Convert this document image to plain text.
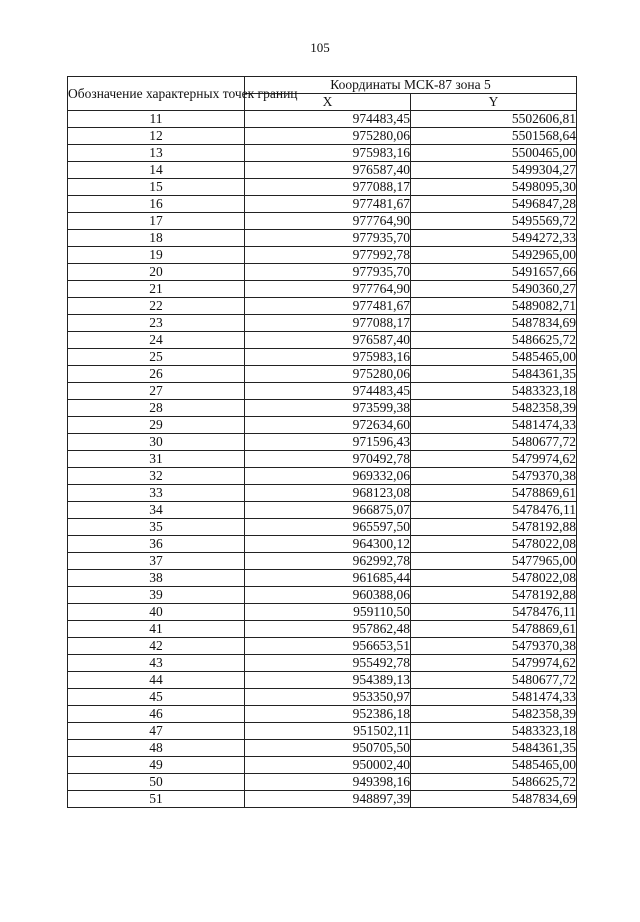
105
Обозначение характерных точек границ	Координаты МСК-87 зона 5	
	X	Y
11	974483,45	5502606,81
12	975280,06	5501568,64
13	975983,16	5500465,00
14	976587,40	5499304,27
15	977088,17	5498095,30
16	977481,67	5496847,28
17	977764,90	5495569,72
18	977935,70	5494272,33
19	977992,78	5492965,00
20	977935,70	5491657,66
21	977764,90	5490360,27
22	977481,67	5489082,71
23	977088,17	5487834,69
24	976587,40	5486625,72
25	975983,16	5485465,00
26	975280,06	5484361,35
27	974483,45	5483323,18
28	973599,38	5482358,39
29	972634,60	5481474,33
30	971596,43	5480677,72
31	970492,78	5479974,62
32	969332,06	5479370,38
33	968123,08	5478869,61
34	966875,07	5478476,11
35	965597,50	5478192,88
36	964300,12	5478022,08
37	962992,78	5477965,00
38	961685,44	5478022,08
39	960388,06	5478192,88
40	959110,50	5478476,11
41	957862,48	5478869,61
42	956653,51	5479370,38
43	955492,78	5479974,62
44	954389,13	5480677,72
45	953350,97	5481474,33
46	952386,18	5482358,39
47	951502,11	5483323,18
48	950705,50	5484361,35
49	950002,40	5485465,00
50	949398,16	5486625,72
51	948897,39	5487834,69
